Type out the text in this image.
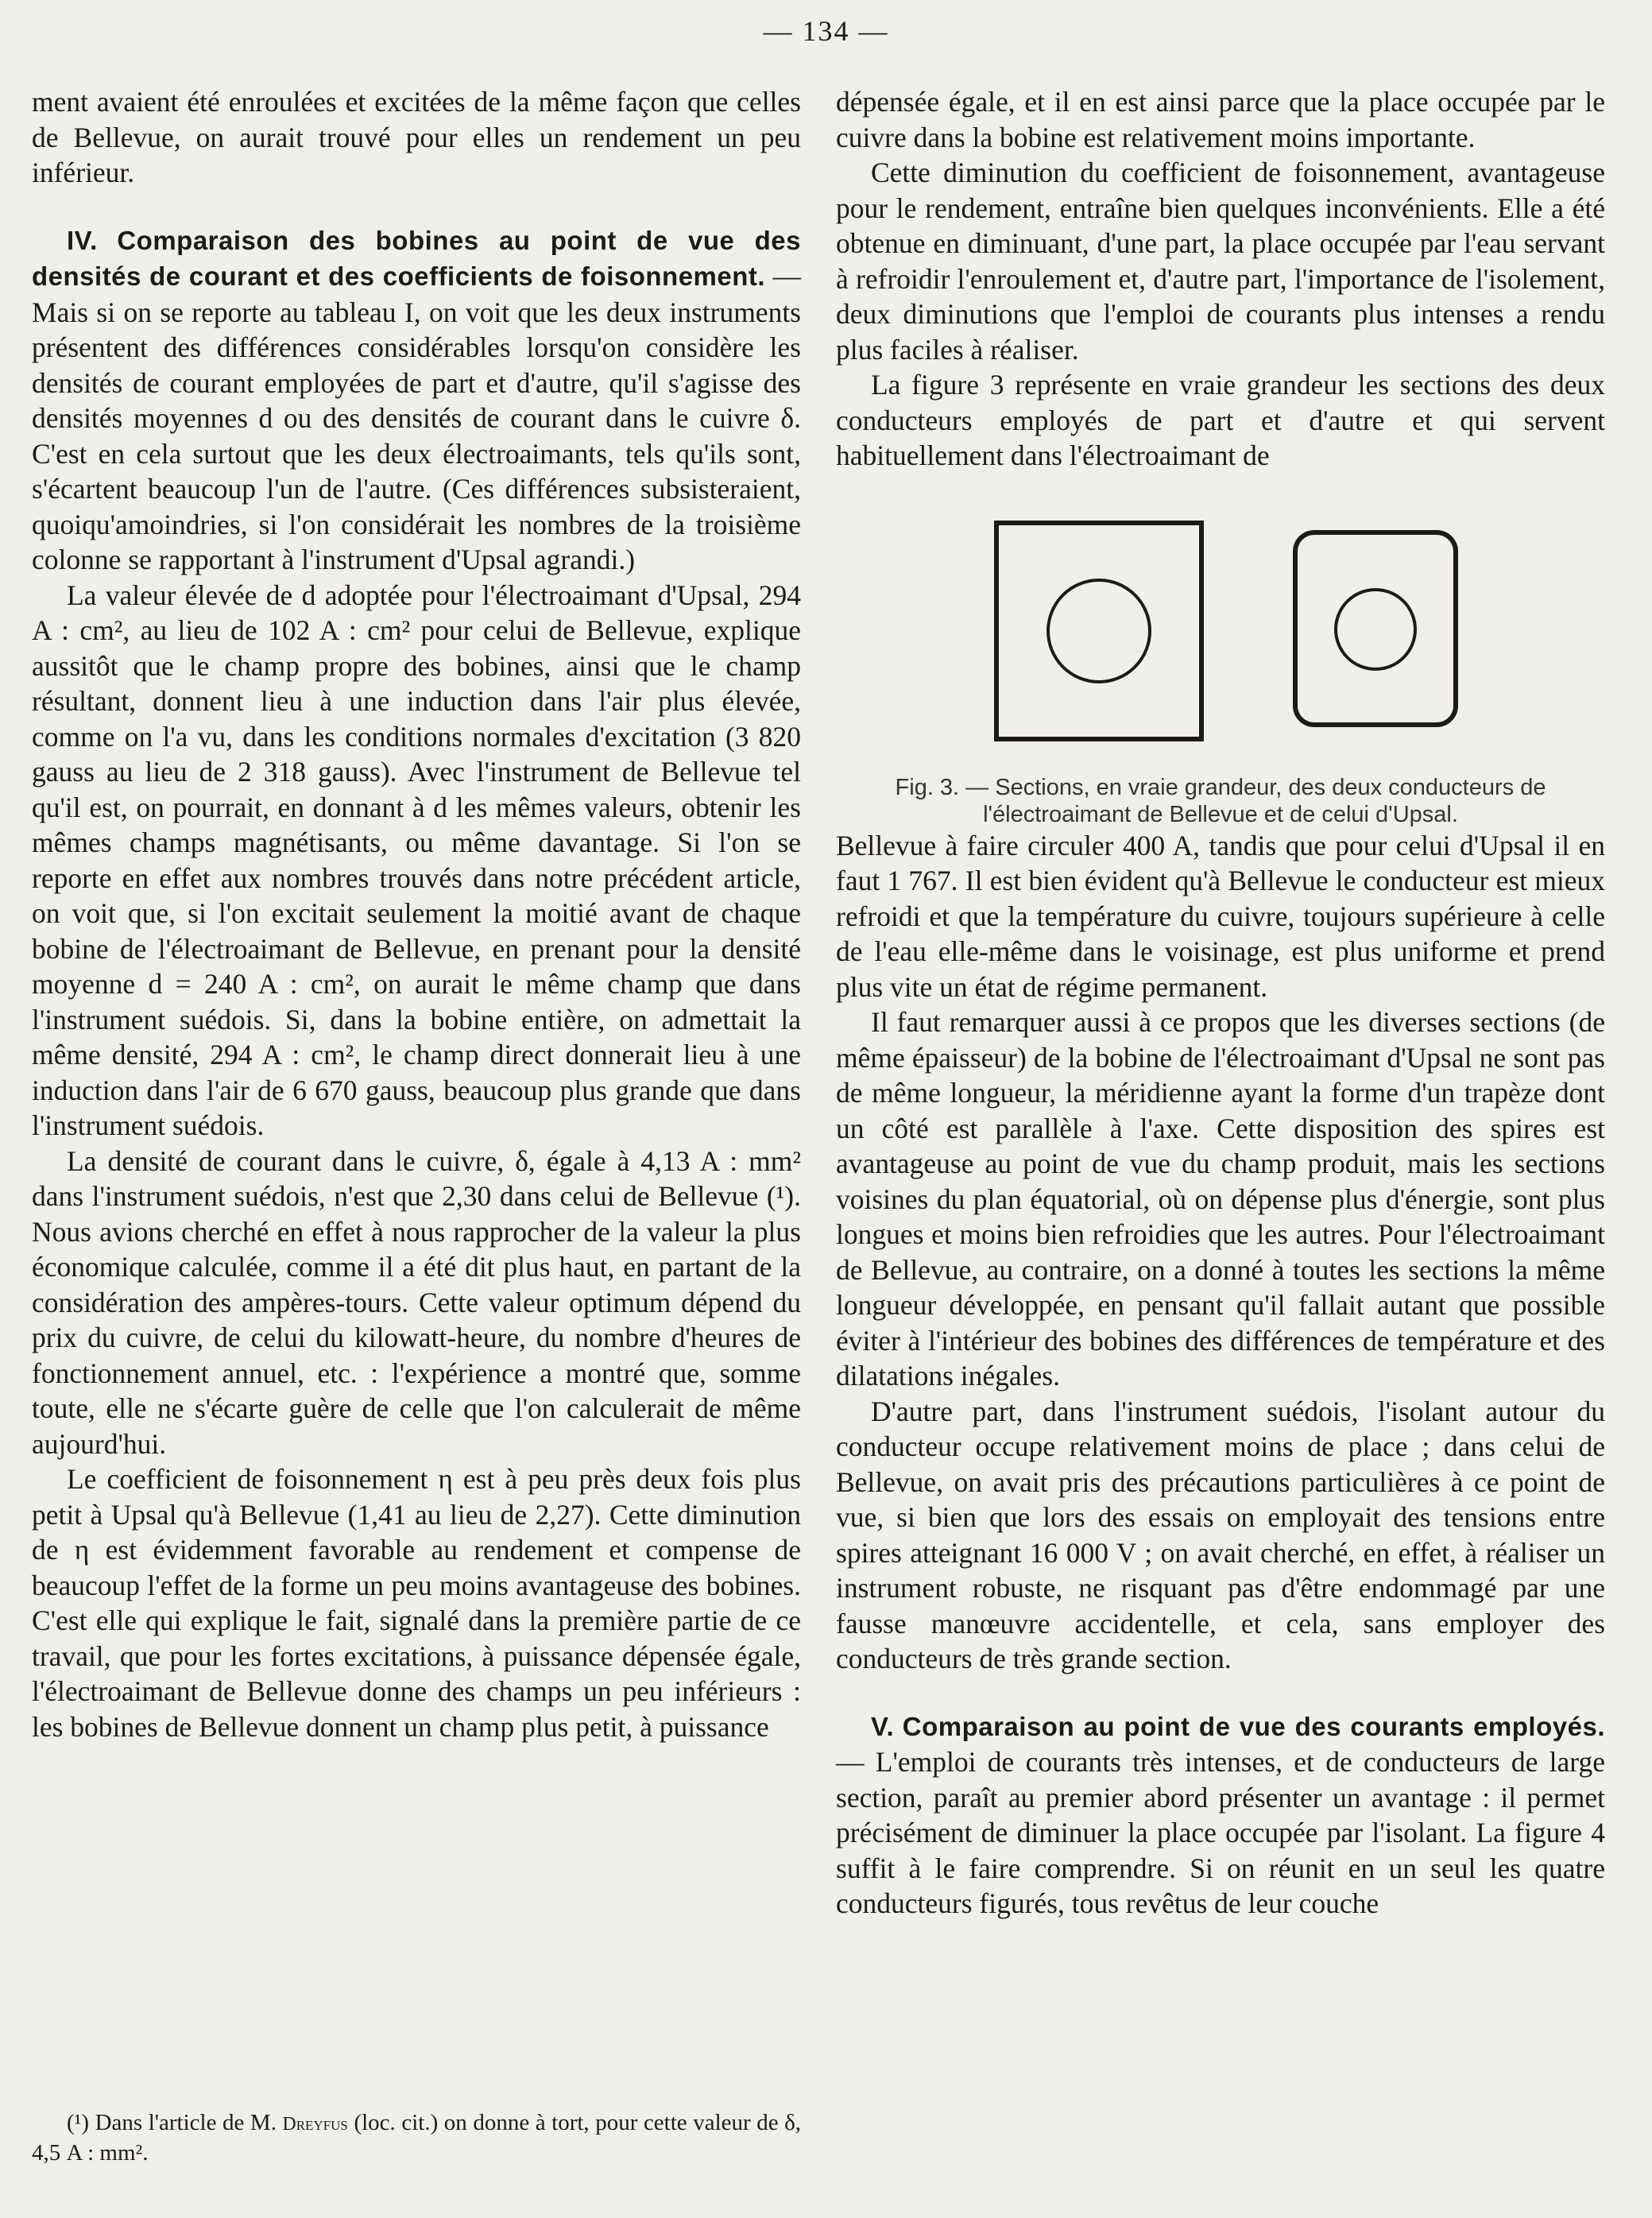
— 134 —

ment avaient été enroulées et excitées de la même façon que celles de Bellevue, on aurait trouvé pour elles un rendement un peu inférieur.

IV. Comparaison des bobines au point de vue des densités de courant et des coefficients de foisonnement. — Mais si on se reporte au tableau I, on voit que les deux instruments présentent des différences considérables lorsqu'on considère les densités de courant employées de part et d'autre, qu'il s'agisse des densités moyennes d ou des densités de courant dans le cuivre δ. C'est en cela surtout que les deux électroaimants, tels qu'ils sont, s'écartent beaucoup l'un de l'autre. (Ces différences subsisteraient, quoiqu'amoindries, si l'on considérait les nombres de la troisième colonne se rapportant à l'instrument d'Upsal agrandi.)

La valeur élevée de d adoptée pour l'électroaimant d'Upsal, 294 A : cm², au lieu de 102 A : cm² pour celui de Bellevue, explique aussitôt que le champ propre des bobines, ainsi que le champ résultant, donnent lieu à une induction dans l'air plus élevée, comme on l'a vu, dans les conditions normales d'excitation (3 820 gauss au lieu de 2 318 gauss). Avec l'instrument de Bellevue tel qu'il est, on pourrait, en donnant à d les mêmes valeurs, obtenir les mêmes champs magnétisants, ou même davantage. Si l'on se reporte en effet aux nombres trouvés dans notre précédent article, on voit que, si l'on excitait seulement la moitié avant de chaque bobine de l'électroaimant de Bellevue, en prenant pour la densité moyenne d = 240 A : cm², on aurait le même champ que dans l'instrument suédois. Si, dans la bobine entière, on admettait la même densité, 294 A : cm², le champ direct donnerait lieu à une induction dans l'air de 6 670 gauss, beaucoup plus grande que dans l'instrument suédois.

La densité de courant dans le cuivre, δ, égale à 4,13 A : mm² dans l'instrument suédois, n'est que 2,30 dans celui de Bellevue (¹). Nous avions cherché en effet à nous rapprocher de la valeur la plus économique calculée, comme il a été dit plus haut, en partant de la considération des ampères-tours. Cette valeur optimum dépend du prix du cuivre, de celui du kilowatt-heure, du nombre d'heures de fonctionnement annuel, etc. : l'expérience a montré que, somme toute, elle ne s'écarte guère de celle que l'on calculerait de même aujourd'hui.

Le coefficient de foisonnement η est à peu près deux fois plus petit à Upsal qu'à Bellevue (1,41 au lieu de 2,27). Cette diminution de η est évidemment favorable au rendement et compense de beaucoup l'effet de la forme un peu moins avantageuse des bobines. C'est elle qui explique le fait, signalé dans la première partie de ce travail, que pour les fortes excitations, à puissance dépensée égale, l'électroaimant de Bellevue donne des champs un peu inférieurs : les bobines de Bellevue donnent un champ plus petit, à puissance

(¹) Dans l'article de M. Dreyfus (loc. cit.) on donne à tort, pour cette valeur de δ, 4,5 A : mm².

dépensée égale, et il en est ainsi parce que la place occupée par le cuivre dans la bobine est relativement moins importante.

Cette diminution du coefficient de foisonnement, avantageuse pour le rendement, entraîne bien quelques inconvénients. Elle a été obtenue en diminuant, d'une part, la place occupée par l'eau servant à refroidir l'enroulement et, d'autre part, l'importance de l'isolement, deux diminutions que l'emploi de courants plus intenses a rendu plus faciles à réaliser.

La figure 3 représente en vraie grandeur les sections des deux conducteurs employés de part et d'autre et qui servent habituellement dans l'électroaimant de

Fig. 3. — Sections, en vraie grandeur, des deux conducteurs de l'électroaimant de Bellevue et de celui d'Upsal.

Bellevue à faire circuler 400 A, tandis que pour celui d'Upsal il en faut 1 767. Il est bien évident qu'à Bellevue le conducteur est mieux refroidi et que la température du cuivre, toujours supérieure à celle de l'eau elle-même dans le voisinage, est plus uniforme et prend plus vite un état de régime permanent.

Il faut remarquer aussi à ce propos que les diverses sections (de même épaisseur) de la bobine de l'électroaimant d'Upsal ne sont pas de même longueur, la méridienne ayant la forme d'un trapèze dont un côté est parallèle à l'axe. Cette disposition des spires est avantageuse au point de vue du champ produit, mais les sections voisines du plan équatorial, où on dépense plus d'énergie, sont plus longues et moins bien refroidies que les autres. Pour l'électroaimant de Bellevue, au contraire, on a donné à toutes les sections la même longueur développée, en pensant qu'il fallait autant que possible éviter à l'intérieur des bobines des différences de température et des dilatations inégales.

D'autre part, dans l'instrument suédois, l'isolant autour du conducteur occupe relativement moins de place ; dans celui de Bellevue, on avait pris des précautions particulières à ce point de vue, si bien que lors des essais on employait des tensions entre spires atteignant 16 000 V ; on avait cherché, en effet, à réaliser un instrument robuste, ne risquant pas d'être endommagé par une fausse manœuvre accidentelle, et cela, sans employer des conducteurs de très grande section.

V. Comparaison au point de vue des courants employés. — L'emploi de courants très intenses, et de conducteurs de large section, paraît au premier abord présenter un avantage : il permet précisément de diminuer la place occupée par l'isolant. La figure 4 suffit à le faire comprendre. Si on réunit en un seul les quatre conducteurs figurés, tous revêtus de leur couche
